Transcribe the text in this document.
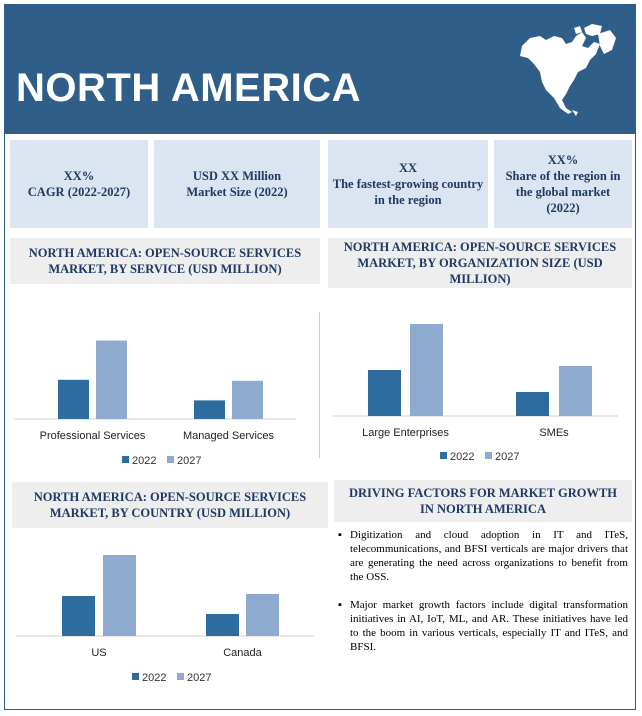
NORTH AMERICA
XX%
CAGR (2022-2027)
USD XX Million
Market Size (2022)
XX
The fastest-growing country in the region
XX%
Share of the region in the global market (2022)
NORTH AMERICA: OPEN-SOURCE SERVICES MARKET, BY SERVICE (USD MILLION)
NORTH AMERICA: OPEN-SOURCE SERVICES MARKET, BY ORGANIZATION SIZE (USD MILLION)
Professional Services	Managed Services
2022 2027
Large Enterprises	SMEs
2022 2027
NORTH AMERICA: OPEN-SOURCE SERVICES MARKET, BY COUNTRY (USD MILLION)
DRIVING FACTORS FOR MARKET GROWTH IN NORTH AMERICA
US	Canada
2022 2027
▪ Digitization and cloud adoption in IT and ITeS, telecommunications, and BFSI verticals are major drivers that are generating the need across organizations to benefit from the OSS.
▪ Major market growth factors include digital transformation initiatives in AI, IoT, ML, and AR. These initiatives have led to the boom in various verticals, especially IT and ITeS, and BFSI.
